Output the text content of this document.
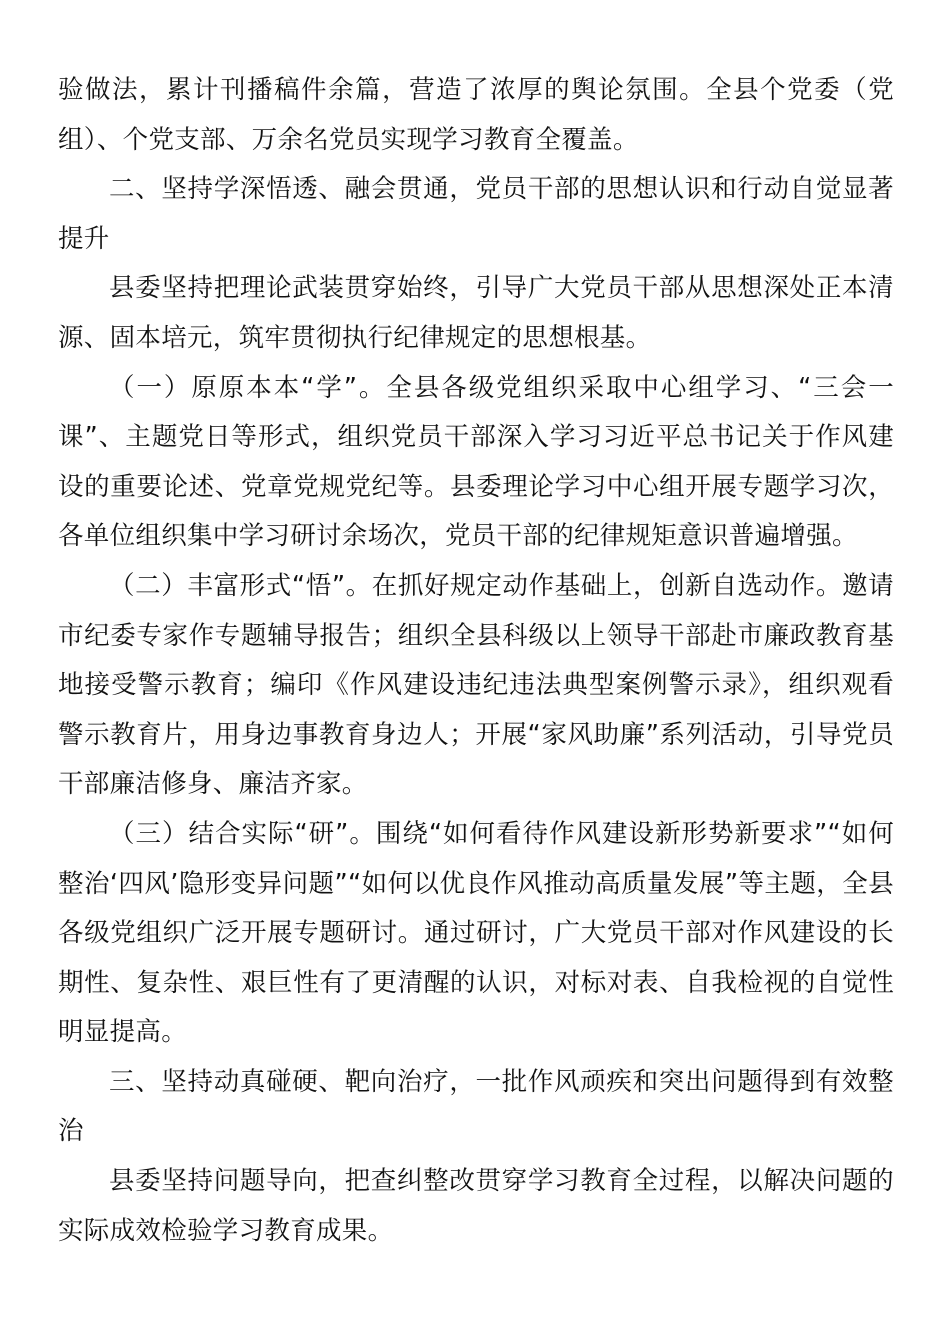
验做法，累计刊播稿件余篇，营造了浓厚的舆论氛围。全县个党委（党组）、个党支部、万余名党员实现学习教育全覆盖。

二、坚持学深悟透、融会贯通，党员干部的思想认识和行动自觉显著提升

县委坚持把理论武装贯穿始终，引导广大党员干部从思想深处正本清源、固本培元，筑牢贯彻执行纪律规定的思想根基。

（一）原原本本“学”。全县各级党组织采取中心组学习、“三会一课”、主题党日等形式，组织党员干部深入学习习近平总书记关于作风建设的重要论述、党章党规党纪等。县委理论学习中心组开展专题学习次，各单位组织集中学习研讨余场次，党员干部的纪律规矩意识普遍增强。

（二）丰富形式“悟”。在抓好规定动作基础上，创新自选动作。邀请市纪委专家作专题辅导报告；组织全县科级以上领导干部赴市廉政教育基地接受警示教育；编印《作风建设违纪违法典型案例警示录》，组织观看警示教育片，用身边事教育身边人；开展“家风助廉”系列活动，引导党员干部廉洁修身、廉洁齐家。

（三）结合实际“研”。围绕“如何看待作风建设新形势新要求”“如何整治‘四风’隐形变异问题”“如何以优良作风推动高质量发展”等主题，全县各级党组织广泛开展专题研讨。通过研讨，广大党员干部对作风建设的长期性、复杂性、艰巨性有了更清醒的认识，对标对表、自我检视的自觉性明显提高。

三、坚持动真碰硬、靶向治疗，一批作风顽疾和突出问题得到有效整治

县委坚持问题导向，把查纠整改贯穿学习教育全过程，以解决问题的实际成效检验学习教育成果。
